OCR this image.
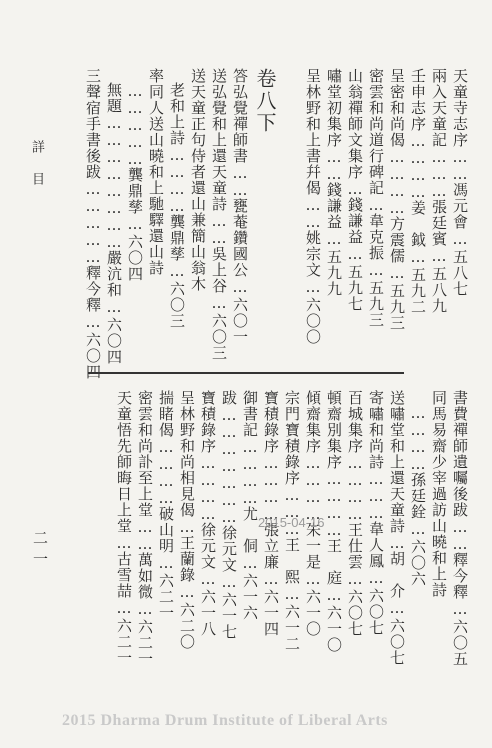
詳　目
卷八下	天童寺志序……馮元會…五八七
兩入天童記………張廷賓…五八九
壬申志序…………姜　鉞…五九二
呈密和尚偈…………方震儒…五九三
密雲和尚道行碑記…韋克振…五九三
山翁禪師文集序…錢謙益…五九七
嘯堂初集序……錢謙益…五九九
呈林野和上書幷偈……姚宗文…六〇〇
答弘覺禪師書……甕菴鑽國公…六〇一
送弘覺和上還天童詩……吳上谷…六〇三
送天童正句侍者還山兼簡山翁木
老和上詩…………龔鼎孳…六〇三
率同人送山曉和上馳驛還山詩
……………龔鼎孳…六〇四
無題……………………嚴沆和…六〇四
三聲宿手書後跋……………釋今釋…六〇四
書費禪師遺囑後跋……釋今釋…六〇五
同馬易齋少宰過訪山曉和上詩
…………孫廷銓…六〇六
送嘯堂和上還天童詩…胡　介…六〇七
寄嘯和尚詩………韋人鳳…六〇七
百城集序…………王仕雲…六〇七
頓齋別集序…………王　庭…六一〇
傾齋集序…………朱一是…六一〇
宗門寶積錄序………王　熙…六一二
寶積錄序…………張立廉…六一四
御書記…………尤　侗…六一六
跋…………………徐元文…六一七
寶積錄序…………徐元文…六一八
呈林野和尚相見偈…王蘭錄…六二〇
揣睹偈…………破山明…六二一
密雲和尚訃至上堂……萬如微…六二一
天童悟先師晦日上堂…古雪喆…六二一
二一
2015-04-16
2015 Dharma Drum Institute of Liberal Arts
